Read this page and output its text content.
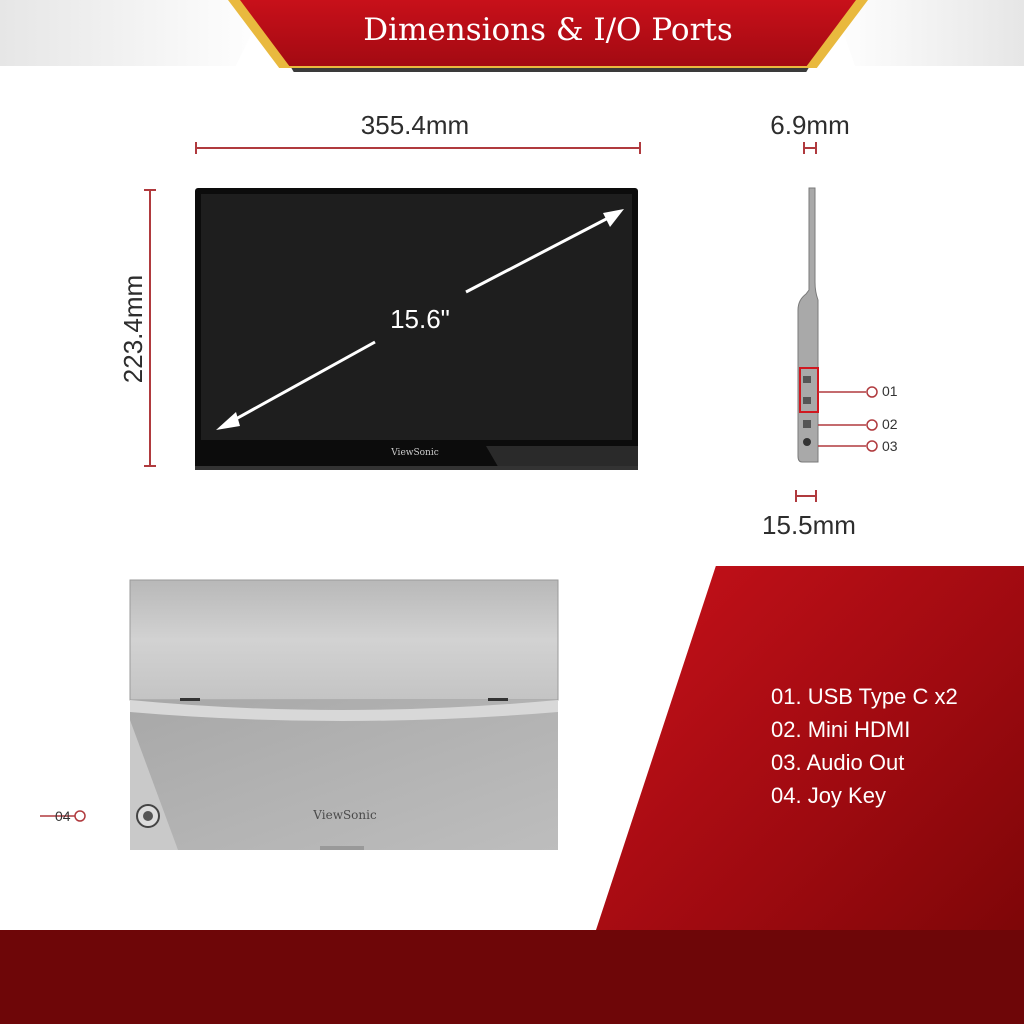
Dimensions & I/O Ports
355.4mm
223.4mm	15.6"
6.9mm
15.5mm
ViewSonic
01
02
03
ViewSonic
04
01. USB Type C x2
02. Mini HDMI
03. Audio Out
04. Joy Key
